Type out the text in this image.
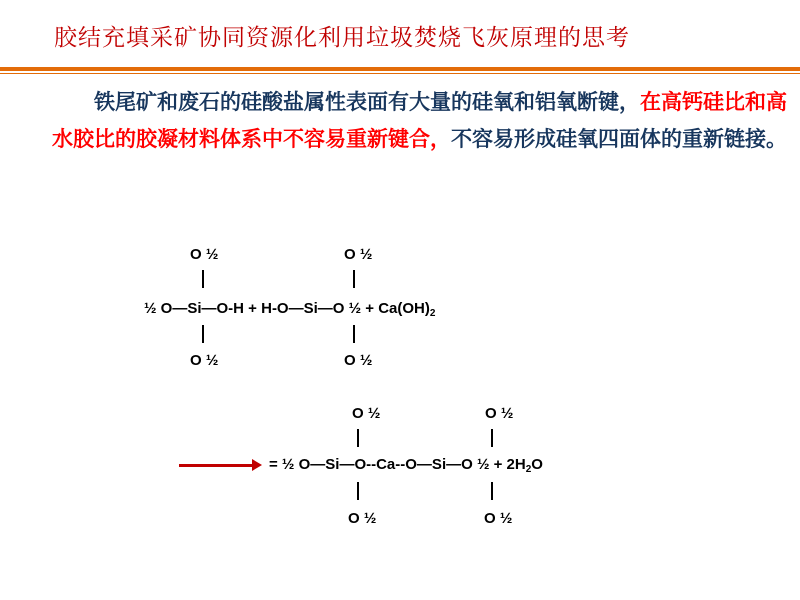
胶结充填采矿协同资源化利用垃圾焚烧飞灰原理的思考
铁尾矿和废石的硅酸盐属性表面有大量的硅氧和铝氧断键，在高钙硅比和高水胶比的胶凝材料体系中不容易重新键合，不容易形成硅氧四面体的重新链接。
O ½	O ½
½ O—Si—O-H + H-O—Si—O ½ + $Ca(OH)_2$
O ½	O ½
O ½	O ½
= ½ O—Si—O--Ca--O—Si—O ½ + $2H_2O$
O ½	O ½
